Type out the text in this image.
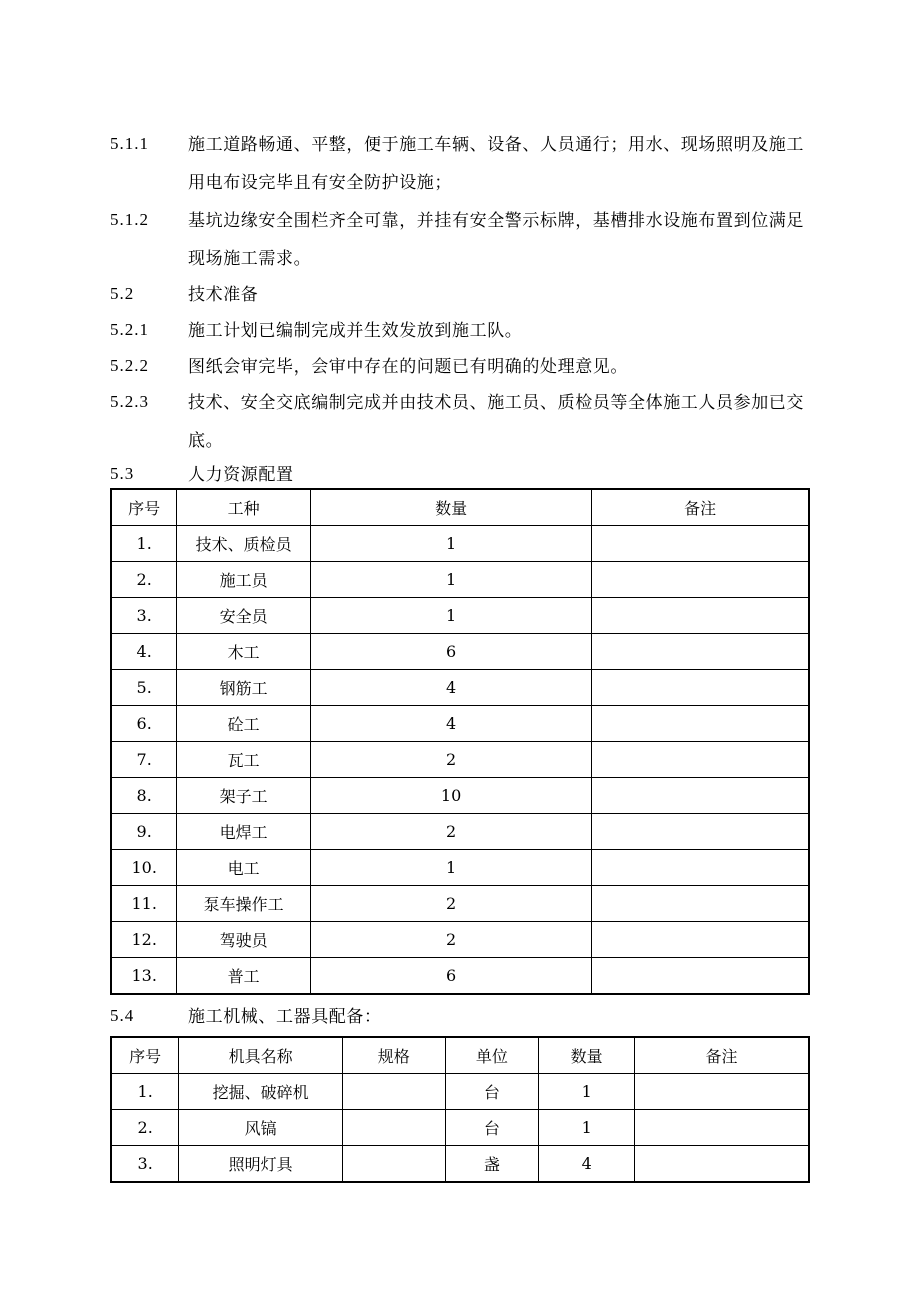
5.1.1 施工道路畅通、平整，便于施工车辆、设备、人员通行；用水、现场照明及施工用电布设完毕且有安全防护设施；
5.1.2 基坑边缘安全围栏齐全可靠，并挂有安全警示标牌，基槽排水设施布置到位满足现场施工需求。
5.2	技术准备
5.2.1 施工计划已编制完成并生效发放到施工队。
5.2.2 图纸会审完毕，会审中存在的问题已有明确的处理意见。
5.2.3 技术、安全交底编制完成并由技术员、施工员、质检员等全体施工人员参加已交底。
5.3	人力资源配置
序号	工种	数量	备注
1.	技术、质检员	1	
2.	施工员	1	
3.	安全员	1	
4.	木工	6	
5.	钢筋工	4	
6.	砼工	4	
7.	瓦工	2	
8.	架子工	10	
9.	电焊工	2	
10.	电工	1	
11.	泵车操作工	2	
12.	驾驶员	2	
13.	普工	6	
5.4	施工机械、工器具配备：
序号	机具名称	规格	单位	数量	备注
1.	挖掘、破碎机		台	1	
2.	风镐		台	1	
3.	照明灯具		盏	4	
